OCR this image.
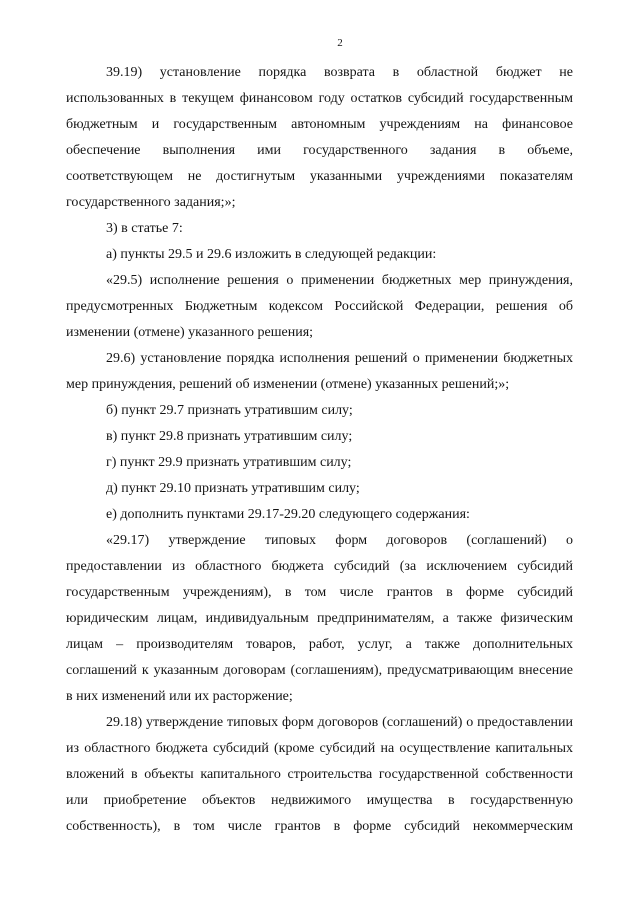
2
39.19) установление порядка возврата в областной бюджет не
использованных в текущем финансовом году остатков субсидий государственным
бюджетным и государственным автономным учреждениям на финансовое
обеспечение выполнения ими государственного задания в объеме,
соответствующем не достигнутым указанными учреждениями показателям
государственного задания;»;
3) в статье 7:
а) пункты 29.5 и 29.6 изложить в следующей редакции:
«29.5) исполнение решения о применении бюджетных мер принуждения,
предусмотренных Бюджетным кодексом Российской Федерации, решения об
изменении (отмене) указанного решения;
29.6) установление порядка исполнения решений о применении бюджетных
мер принуждения, решений об изменении (отмене) указанных решений;»;
б) пункт 29.7 признать утратившим силу;
в) пункт 29.8 признать утратившим силу;
г) пункт 29.9 признать утратившим силу;
д) пункт 29.10 признать утратившим силу;
е) дополнить пунктами 29.17-29.20 следующего содержания:
«29.17) утверждение типовых форм договоров (соглашений) о
предоставлении из областного бюджета субсидий (за исключением субсидий
государственным учреждениям), в том числе грантов в форме субсидий
юридическим лицам, индивидуальным предпринимателям, а также физическим
лицам – производителям товаров, работ, услуг, а также дополнительных
соглашений к указанным договорам (соглашениям), предусматривающим внесение
в них изменений или их расторжение;
29.18) утверждение типовых форм договоров (соглашений) о предоставлении
из областного бюджета субсидий (кроме субсидий на осуществление капитальных
вложений в объекты капитального строительства государственной собственности
или приобретение объектов недвижимого имущества в государственную
собственность), в том числе грантов в форме субсидий некоммерческим
